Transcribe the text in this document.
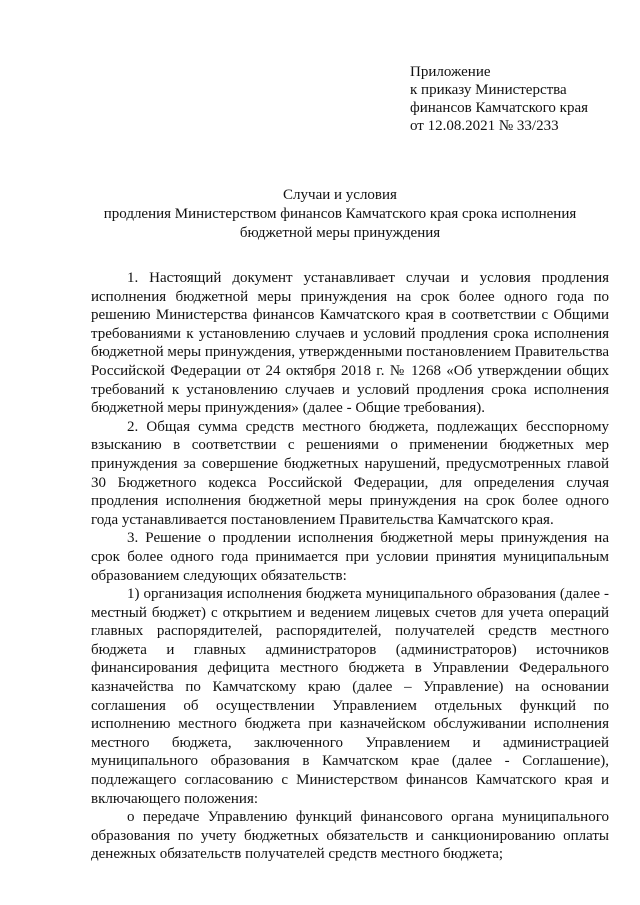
Приложение
к приказу Министерства
финансов Камчатского края
от 12.08.2021 № 33/233
Случаи и условия
продления Министерством финансов Камчатского края срока исполнения
бюджетной меры принуждения

1. Настоящий документ устанавливает случаи и условия продления исполнения бюджетной меры принуждения на срок более одного года по решению Министерства финансов Камчатского края в соответствии с Общими требованиями к установлению случаев и условий продления срока исполнения бюджетной меры принуждения, утвержденными постановлением Правительства Российской Федерации от 24 октября 2018 г. № 1268 «Об утверждении общих требований к установлению случаев и условий продления срока исполнения бюджетной меры принуждения» (далее - Общие требования).

2. Общая сумма средств местного бюджета, подлежащих бесспорному взысканию в соответствии с решениями о применении бюджетных мер принуждения за совершение бюджетных нарушений, предусмотренных главой 30 Бюджетного кодекса Российской Федерации, для определения случая продления исполнения бюджетной меры принуждения на срок более одного года устанавливается постановлением Правительства Камчатского края.

3. Решение о продлении исполнения бюджетной меры принуждения на срок более одного года принимается при условии принятия муниципальным образованием следующих обязательств:

1) организация исполнения бюджета муниципального образования (далее - местный бюджет) с открытием и ведением лицевых счетов для учета операций главных распорядителей, распорядителей, получателей средств местного бюджета и главных администраторов (администраторов) источников финансирования дефицита местного бюджета в Управлении Федерального казначейства по Камчатскому краю (далее – Управление) на основании соглашения об осуществлении Управлением отдельных функций по исполнению местного бюджета при казначейском обслуживании исполнения местного бюджета, заключенного Управлением и администрацией муниципального образования в Камчатском крае (далее - Соглашение), подлежащего согласованию с Министерством финансов Камчатского края и включающего положения:

о передаче Управлению функций финансового органа муниципального образования по учету бюджетных обязательств и санкционированию оплаты денежных обязательств получателей средств местного бюджета;
